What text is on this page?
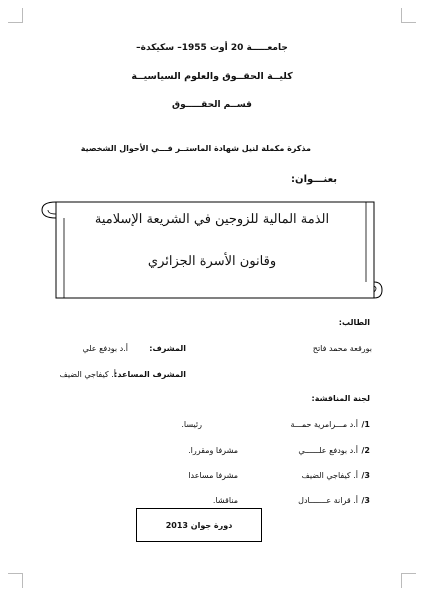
جامعـــــة 20 أوت 1955– سكيكدة–
كليــة الحقــوق والعلوم السياسيــة
قســم الحقـــــوق
مذكرة مكملة لنيل شهادة الماستــر فـــي الأحوال الشخصية
بعنـــوان:
الذمة المالية للزوجين في الشريعة الإسلامية
وقانون الأسرة الجزائري
الطالب:
بورقعة محمد فاتح
المشرف:
أ.د بودفع علي
المشرف المساعد:
أ. كيفاجي الضيف
لجنة المناقشة:
1/
أ.د مـــرامرية حمـــة
رئيسا.
2/
أ.د بودفع علــــــي
مشرفا ومقررا.
3/
أ. كيفاجي الضيف
مشرفا مساعدا
3/
أ. قرانة عـــــــادل
مناقشا.
دورة جوان 2013
